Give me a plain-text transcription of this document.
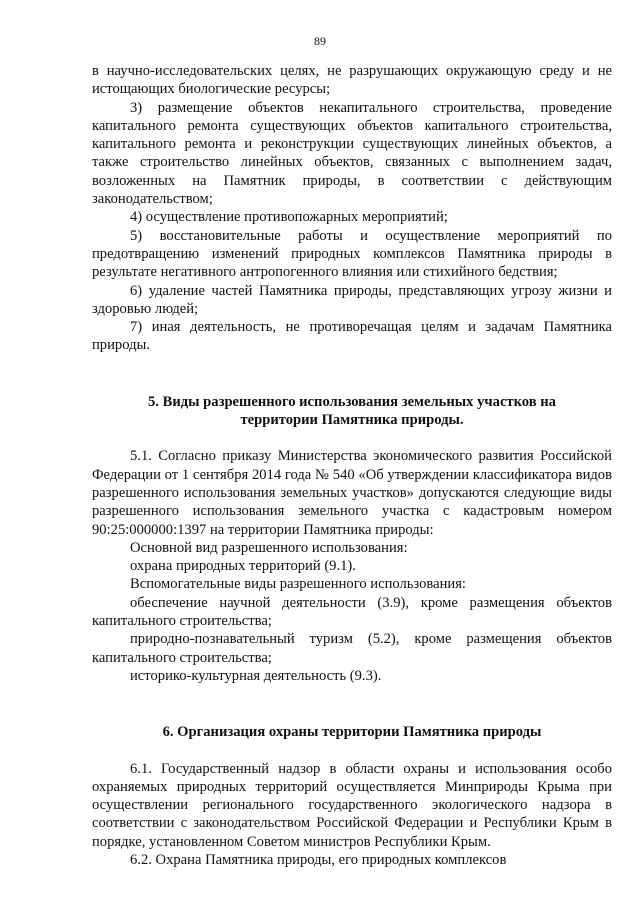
89

в научно-исследовательских целях, не разрушающих окружающую среду и не истощающих биологические ресурсы;

3) размещение объектов некапитального строительства, проведение капитального ремонта существующих объектов капитального строительства, капитального ремонта и реконструкции существующих линейных объектов, а также строительство линейных объектов, связанных с выполнением задач, возложенных на Памятник природы, в соответствии с действующим законодательством;

4) осуществление противопожарных мероприятий;

5) восстановительные работы и осуществление мероприятий по предотвращению изменений природных комплексов Памятника природы в результате негативного антропогенного влияния или стихийного бедствия;

6) удаление частей Памятника природы, представляющих угрозу жизни и здоровью людей;

7) иная деятельность, не противоречащая целям и задачам Памятника природы.

5. Виды разрешенного использования земельных участков на
территории Памятника природы.

5.1. Согласно приказу Министерства экономического развития Российской Федерации от 1 сентября 2014 года № 540 «Об утверждении классификатора видов разрешенного использования земельных участков» допускаются следующие виды разрешенного использования земельного участка с кадастровым номером 90:25:000000:1397 на территории Памятника природы:

Основной вид разрешенного использования:

охрана природных территорий (9.1).

Вспомогательные виды разрешенного использования:

обеспечение научной деятельности (3.9), кроме размещения объектов капитального строительства;

природно-познавательный туризм (5.2), кроме размещения объектов капитального строительства;

историко-культурная деятельность (9.3).

6. Организация охраны территории Памятника природы

6.1. Государственный надзор в области охраны и использования особо охраняемых природных территорий осуществляется Минприроды Крыма при осуществлении регионального государственного экологического надзора в соответствии с законодательством Российской Федерации и Республики Крым в порядке, установленном Советом министров Республики Крым.

6.2. Охрана Памятника природы, его природных комплексов
